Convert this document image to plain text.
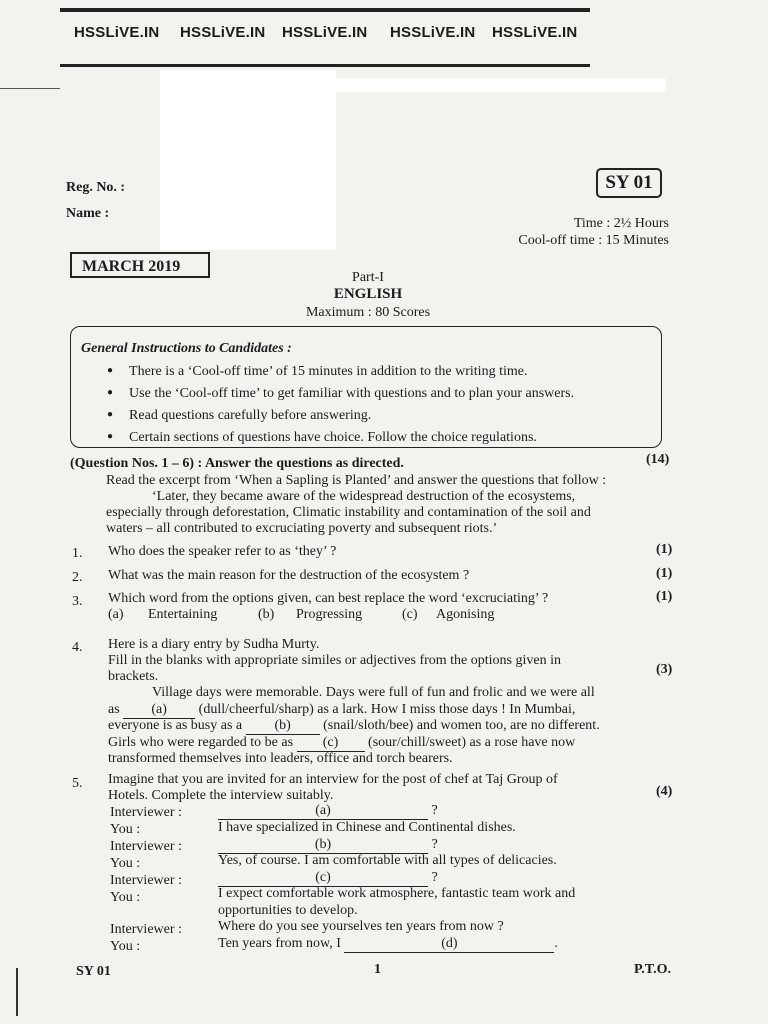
HSSLiVE.IN HSSLiVE.IN HSSLiVE.IN HSSLiVE.IN HSSLiVE.IN
SY 01
Reg. No. :
Name :
Time : 2½ Hours
Cool-off time : 15 Minutes
MARCH 2019
Part-I
ENGLISH
Maximum : 80 Scores
General Instructions to Candidates :
● There is a ‘Cool-off time’ of 15 minutes in addition to the writing time.
● Use the ‘Cool-off time’ to get familiar with questions and to plan your answers.
● Read questions carefully before answering.
● Certain sections of questions have choice. Follow the choice regulations.
(Question Nos. 1 – 6) : Answer the questions as directed.	(14)
Read the excerpt from ‘When a Sapling is Planted’ and answer the questions that follow :
‘Later, they became aware of the widespread destruction of the ecosystems,
especially through deforestation, Climatic instability and contamination of the soil and
waters – all contributed to excruciating poverty and subsequent riots.’
1. Who does the speaker refer to as ‘they’ ?	(1)
2. What was the main reason for the destruction of the ecosystem ?	(1)
3. Which word from the options given, can best replace the word ‘excruciating’ ?	(1)
(a) Entertaining	(b) Progressing	(c) Agonising
4. Here is a diary entry by Sudha Murty.
Fill in the blanks with appropriate similes or adjectives from the options given in
brackets.	(3)
Village days were memorable. Days were full of fun and frolic and we were all
as (a) (dull/cheerful/sharp) as a lark. How I miss those days ! In Mumbai,
everyone is as busy as a (b) (snail/sloth/bee) and women too, are no different.
Girls who were regarded to be as (c) (sour/chill/sweet) as a rose have now
transformed themselves into leaders, office and torch bearers.
5. Imagine that you are invited for an interview for the post of chef at Taj Group of
Hotels. Complete the interview suitably.	(4)
Interviewer :	(a)	?
You :	I have specialized in Chinese and Continental dishes.
Interviewer :	(b)	?
You :	Yes, of course. I am comfortable with all types of delicacies.
Interviewer :	(c)	?
You :	I expect comfortable work atmosphere, fantastic team work and
opportunities to develop.
Interviewer :	Where do you see yourselves ten years from now ?
You :	Ten years from now, I	(d)	.
SY 01	1	P.T.O.
